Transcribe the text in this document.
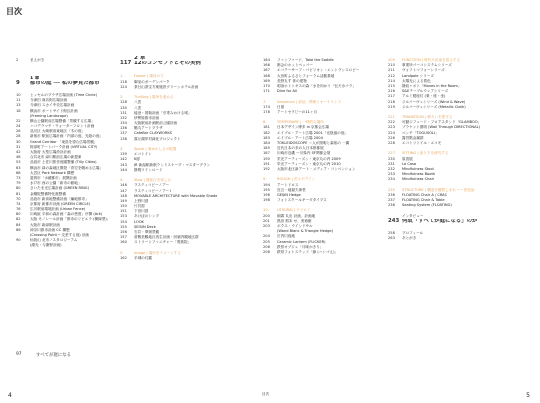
目次
2	まえがき
1 章
9	都市の庭 ── 私の夢見た都市
10	ヒッセルのプラザ広場計画 (Time Circle)
11	今津田 商店街広場計画
13	今津田 スカイ中央広場計画
18	横浜市 ポートサイド街区計画
(Framing Landscape)
22	横山公園駅前広場整備「景観する広場」
24	ハコデラマチ・ウォーターフロント計画
26	品川区 大崎駅前東地区「木の庭」
28	新宿市 駅前広場計画「内部の庭、光陰の庭」
30	Grand Corridor 「東鳥を望む広場景観」
31	阿部町アートパーク計画 (VIRTUAL CITY)
42	大阪府 大型広場設計計画
48	合共北市 緑川駅前広場の新提案
53	品島市 土佐川旅舎庭園整備 (Tilly Cities)
63	横浜市 緑の森地区開発「青空を眺める広場」
68	大宮区 Park Network 構想
73	滋賀市「水鏡都市」展開計画
79	水戸市 西の公園「新市の館地」
80	さいたま光広場計画 (GREEN RING)
81	金剛院整備特化港整備
70	品島市 新高地整備計画「編地都市」
74	京都府 新都市計画 (GREEN CIRCLE)
76	広川駅前環境計画 (Urban Fence)
80	川崎區 平和の森計画「森の密度」序開 (Ark)
82	大阪 モノレール計画「都市のリビエラ (横線型)」
84	大阪市 新緑駅計画
86	神奈川都市計画 CC 構想
(Crossing Point ─ 交差する庭) 計画
90	仙島山 北市ノスタロジーアム
(湖光・与謝野計画)
2 章
117 12のコンセプトとその実例
1.	Flower | 場所の力
118	御室のガーデンパーク
124	茶臼山茶宝方案施設グリーンホテル計画
2.	Thrilling | 場所を進める
128	八雲
130	八雲
131	能登・国衙計画「引寄みかける城」
132	伊勢原都市計画
134	大阪駅前計画駅前公園計画
136	鶴丸アートプラザ
137	CafeBar CLAYWORKS
138	霧丘湖岸村緑化プロジェクト
3.	Spiral | 奥ゆかしさの配置
139	エコトイレ
142	K邸
143	JR 新潟駅新駅ランドスケープ・マスタープラン
144	静岡ワインロード
4.	Slow | 遅延行を楽しむ
146	ラスティコビーノアー
147	ラスティコビーノアー I
148	MOVABLE ARCHITECTURE with Movable Shade
149	上野川邸
150	片貝邸
151	下田川邸
153	あけぼのシンプ
154	LOOK
155	SEISIN Deck
156	石井・華街景観
157	倉敷美観地区再生計画・回廊内観地区群
160	ストリートファニチャー「貴族院」
5.	Image | 場所をイメージする
162	平城の灯籠
164	ファンファード、Take the Saddle
166	都会のホットペッパー
167	エコテーサーフ・パビリオン・エントランスロビー
168	大田町ふるさとフォーラム活動基地
169	長野丸す 体の建物
170	明治ホトトギスの森「水を向かう「伝天水ナラ」
171	Dine for All
7.	Sequence | 部品、関係とオーケストラ
174	日邸
178	アートセラピーの11ヶ月
8.	TEMPORARY | 一時的な場所
181	日本デザイン博多 in 京都会広場
182	エイブル・アート広場 2001「光陰風の庭」
183	エイブル・アート広場 2004
184	TOKLEIDOSCOPE 〜人が照明と森宿の 一翼
185	近代日本の多の人日本都都展
187	川崎市近畿 ー川県内 SF関都会展
190	栄光アーティーズン・東京丸の内 2009
191	栄光アーティーズン・東京丸の内 2010
192	大阪市北区新アート・メディア・コンベンション
9.	ROUGH | 荒々やデイン
194	アートドロス
195	狂言・地獄天神堂
196	GEIJIN Hedge
198	フォトスクールギーダタイプス
10.	UTSURAI | ウツロイ
200	朝霧 丸出 計画、計画地
201	熱田 熊本 せ、美術館
203	ボクス・ウインドサル
(Wand Blanc & Triangle Hedge)
204	庄内川庭地
205	Ceramic Lantern (FLICKER)
206	鉄骨オブジェ「月味かきり」
208	鉄骨フォトステッド「線 (ハシゴえ)」
209	FUNCTION | 時代や用途を語るする
210	事業所パーコシステムシリーズ
211	ヴォフトマフォーシリーズ
212	Landpole シリーズ
214	太陽光による着色
215	静寂ヶボト「Moves in the Room」
216	S&Eテーブルウェアシリーズ
217	アルミ製庭灯 (乗・座・坐)
218	ジルバーヴェシリーズ (Wind & Wave)
219	ジルバーヴェシリーズ (Metallic Cloth)
221	TRANSITION | 移ろいを愛ずる
222	可動ジフェード・フロアスタンド「GLAMBOO」
223	ブラケット照明 (Wall Through DIRECTIONAL)
224	ベンチ「TOGUSOLI」
226	露営階金属群
228	エコトリトイル・エコモ
227	SITTING | 座り方を研究する
230	原善展
231	La Casa
232	Mindfulness Stool
233	Mindfulness Booth
234	Mindfulness Chair
235	STRUCTURE | 構造を観察しまれ ─ ─ 世造品
236	FLOATING Chair A / CRAC
237	FLOATING Chair & Table
238	Seating System (FLOATING)
インタビュー
243 何故「すべてが庭になる」のか
258	プロフィール
263	あとがき
97	すべてが庭になる
4	目次	5
